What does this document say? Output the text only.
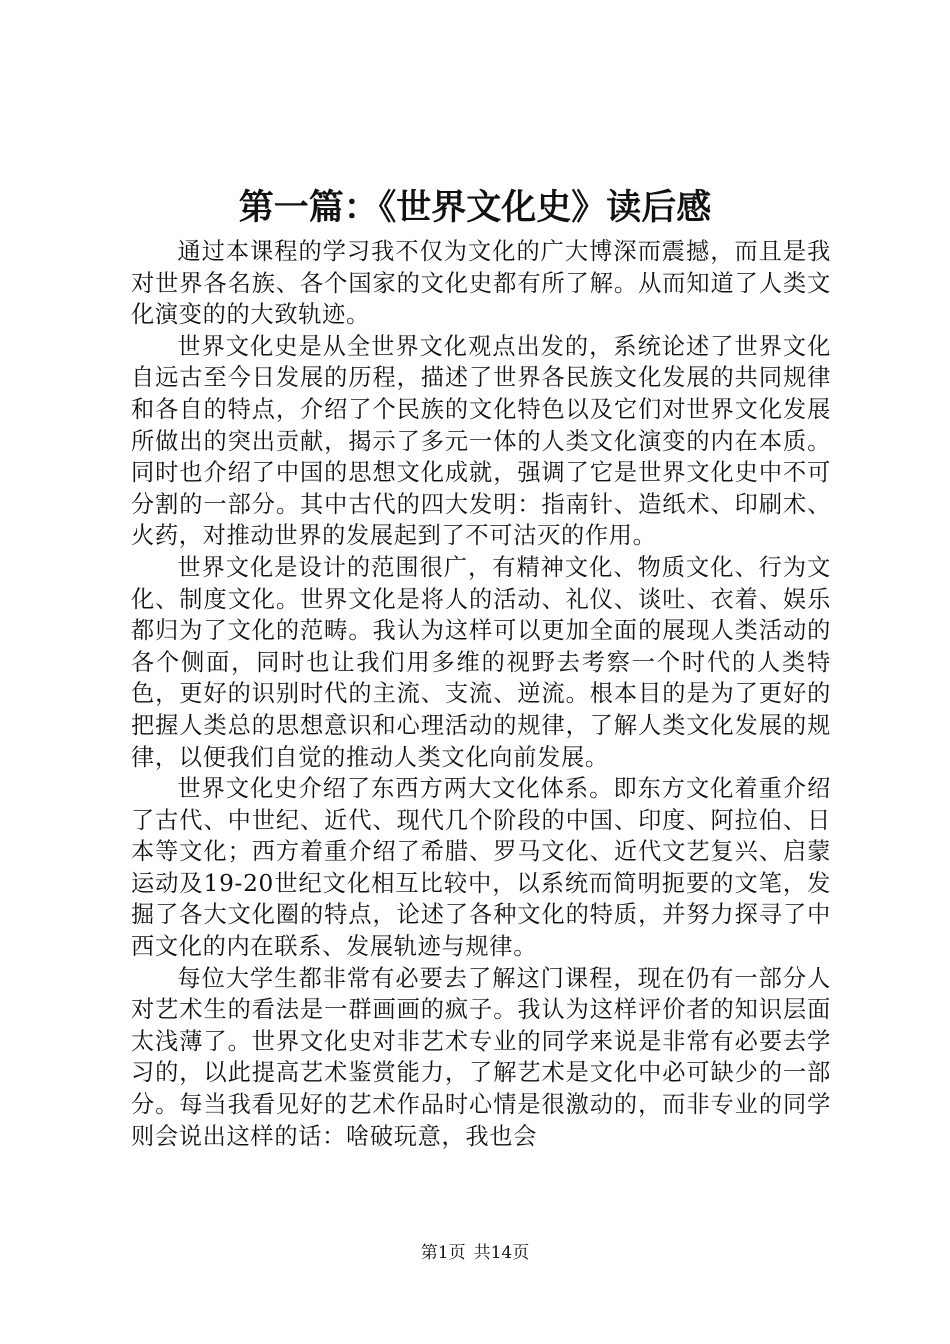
第一篇：《世界文化史》读后感

通过本课程的学习我不仅为文化的广大博深而震撼，而且是我对世界各名族、各个国家的文化史都有所了解。从而知道了人类文化演变的的大致轨迹。

世界文化史是从全世界文化观点出发的，系统论述了世界文化自远古至今日发展的历程，描述了世界各民族文化发展的共同规律和各自的特点，介绍了个民族的文化特色以及它们对世界文化发展所做出的突出贡献，揭示了多元一体的人类文化演变的内在本质。同时也介绍了中国的思想文化成就，强调了它是世界文化史中不可分割的一部分。其中古代的四大发明：指南针、造纸术、印刷术、火药，对推动世界的发展起到了不可沽灭的作用。

世界文化是设计的范围很广，有精神文化、物质文化、行为文化、制度文化。世界文化是将人的活动、礼仪、谈吐、衣着、娱乐都归为了文化的范畴。我认为这样可以更加全面的展现人类活动的各个侧面，同时也让我们用多维的视野去考察一个时代的人类特色，更好的识别时代的主流、支流、逆流。根本目的是为了更好的把握人类总的思想意识和心理活动的规律，了解人类文化发展的规律，以便我们自觉的推动人类文化向前发展。

世界文化史介绍了东西方两大文化体系。即东方文化着重介绍了古代、中世纪、近代、现代几个阶段的中国、印度、阿拉伯、日本等文化；西方着重介绍了希腊、罗马文化、近代文艺复兴、启蒙运动及19-20世纪文化相互比较中，以系统而简明扼要的文笔，发掘了各大文化圈的特点，论述了各种文化的特质，并努力探寻了中西文化的内在联系、发展轨迹与规律。

每位大学生都非常有必要去了解这门课程，现在仍有一部分人对艺术生的看法是一群画画的疯子。我认为这样评价者的知识层面太浅薄了。世界文化史对非艺术专业的同学来说是非常有必要去学习的，以此提高艺术鉴赏能力，了解艺术是文化中必可缺少的一部分。每当我看见好的艺术作品时心情是很激动的，而非专业的同学则会说出这样的话：啥破玩意，我也会

第1页 共14页
